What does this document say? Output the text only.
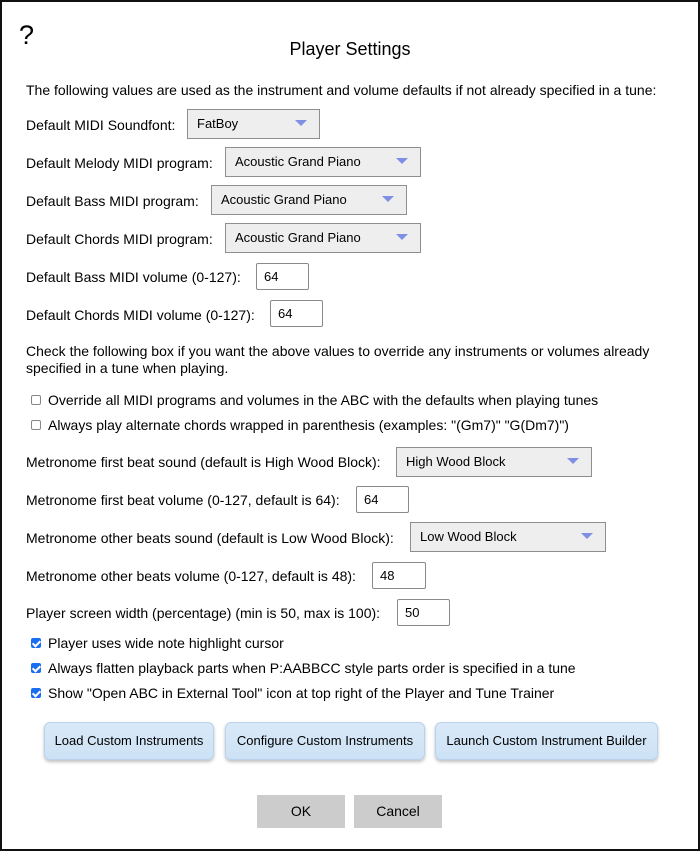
?	Player Settings
The following values are used as the instrument and volume defaults if not already specified in a tune:
Default MIDI Soundfont:	FatBoy
Default Melody MIDI program:	Acoustic Grand Piano
Default Bass MIDI program:	Acoustic Grand Piano
Default Chords MIDI program:	Acoustic Grand Piano
Default Bass MIDI volume (0-127):	64
Default Chords MIDI volume (0-127):	64
Check the following box if you want the above values to override any instruments or volumes already
specified in a tune when playing.
Override all MIDI programs and volumes in the ABC with the defaults when playing tunes
Always play alternate chords wrapped in parenthesis (examples: "(Gm7)" "G(Dm7)")
Metronome first beat sound (default is High Wood Block):	High Wood Block
Metronome first beat volume (0-127, default is 64):	64
Metronome other beats sound (default is Low Wood Block):	Low Wood Block
Metronome other beats volume (0-127, default is 48):	48
Player screen width (percentage) (min is 50, max is 100):	50
Player uses wide note highlight cursor
Always flatten playback parts when P:AABBCC style parts order is specified in a tune
Show "Open ABC in External Tool" icon at top right of the Player and Tune Trainer
Load Custom Instruments	Configure Custom Instruments	Launch Custom Instrument Builder
OK	Cancel
